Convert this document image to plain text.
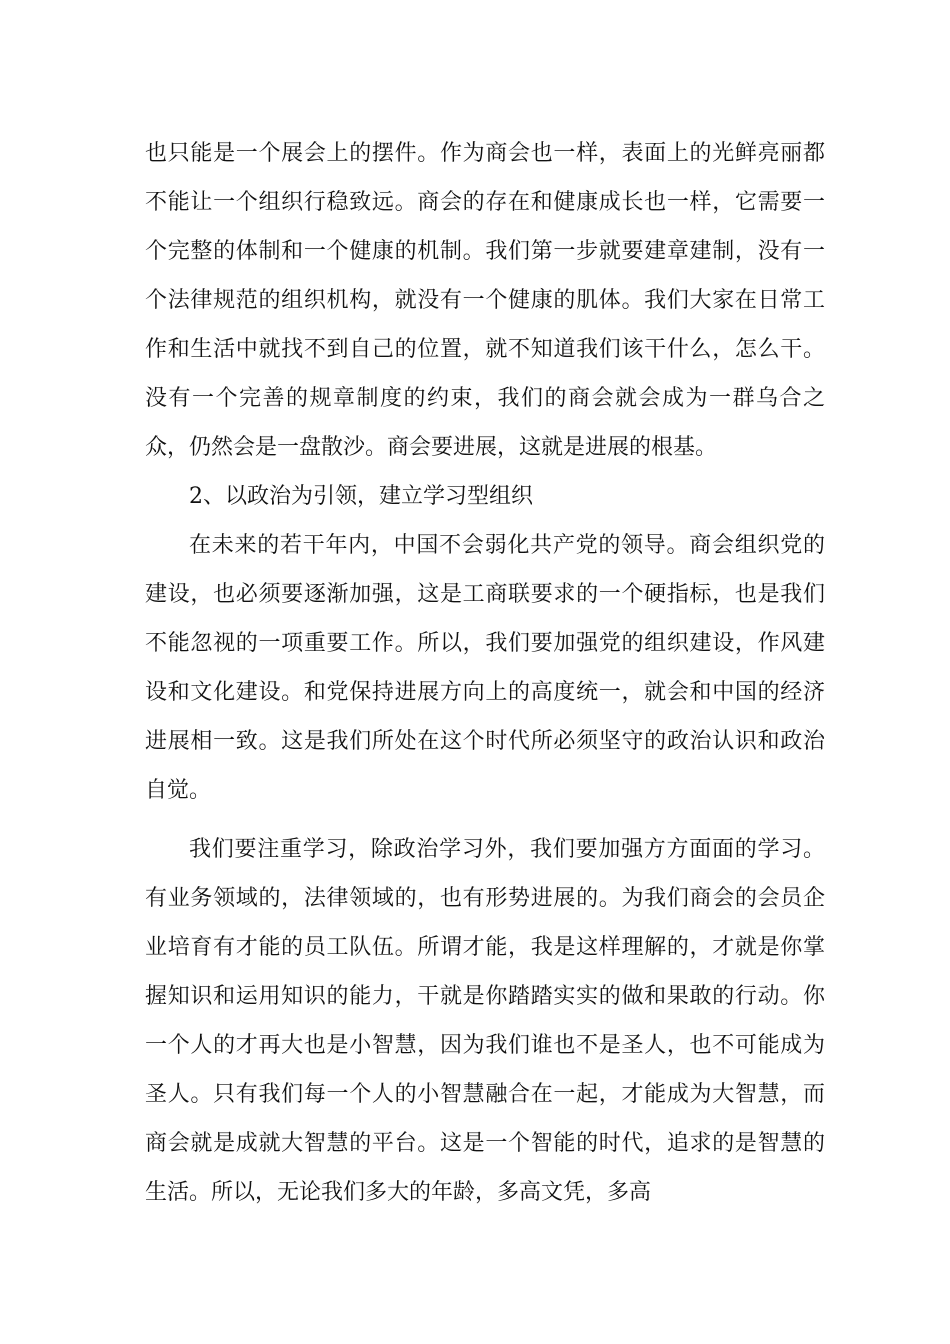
也只能是一个展会上的摆件。作为商会也一样，表面上的光鲜亮丽都不能让一个组织行稳致远。商会的存在和健康成长也一样，它需要一个完整的体制和一个健康的机制。我们第一步就要建章建制，没有一个法律规范的组织机构，就没有一个健康的肌体。我们大家在日常工作和生活中就找不到自己的位置，就不知道我们该干什么，怎么干。没有一个完善的规章制度的约束，我们的商会就会成为一群乌合之众，仍然会是一盘散沙。商会要进展，这就是进展的根基。

2、以政治为引领，建立学习型组织

在未来的若干年内，中国不会弱化共产党的领导。商会组织党的建设，也必须要逐渐加强，这是工商联要求的一个硬指标，也是我们不能忽视的一项重要工作。所以，我们要加强党的组织建设，作风建设和文化建设。和党保持进展方向上的高度统一，就会和中国的经济进展相一致。这是我们所处在这个时代所必须坚守的政治认识和政治自觉。

我们要注重学习，除政治学习外，我们要加强方方面面的学习。有业务领域的，法律领域的，也有形势进展的。为我们商会的会员企业培育有才能的员工队伍。所谓才能，我是这样理解的，才就是你掌握知识和运用知识的能力，干就是你踏踏实实的做和果敢的行动。你一个人的才再大也是小智慧，因为我们谁也不是圣人，也不可能成为圣人。只有我们每一个人的小智慧融合在一起，才能成为大智慧，而商会就是成就大智慧的平台。这是一个智能的时代，追求的是智慧的生活。所以，无论我们多大的年龄，多高文凭，多高
